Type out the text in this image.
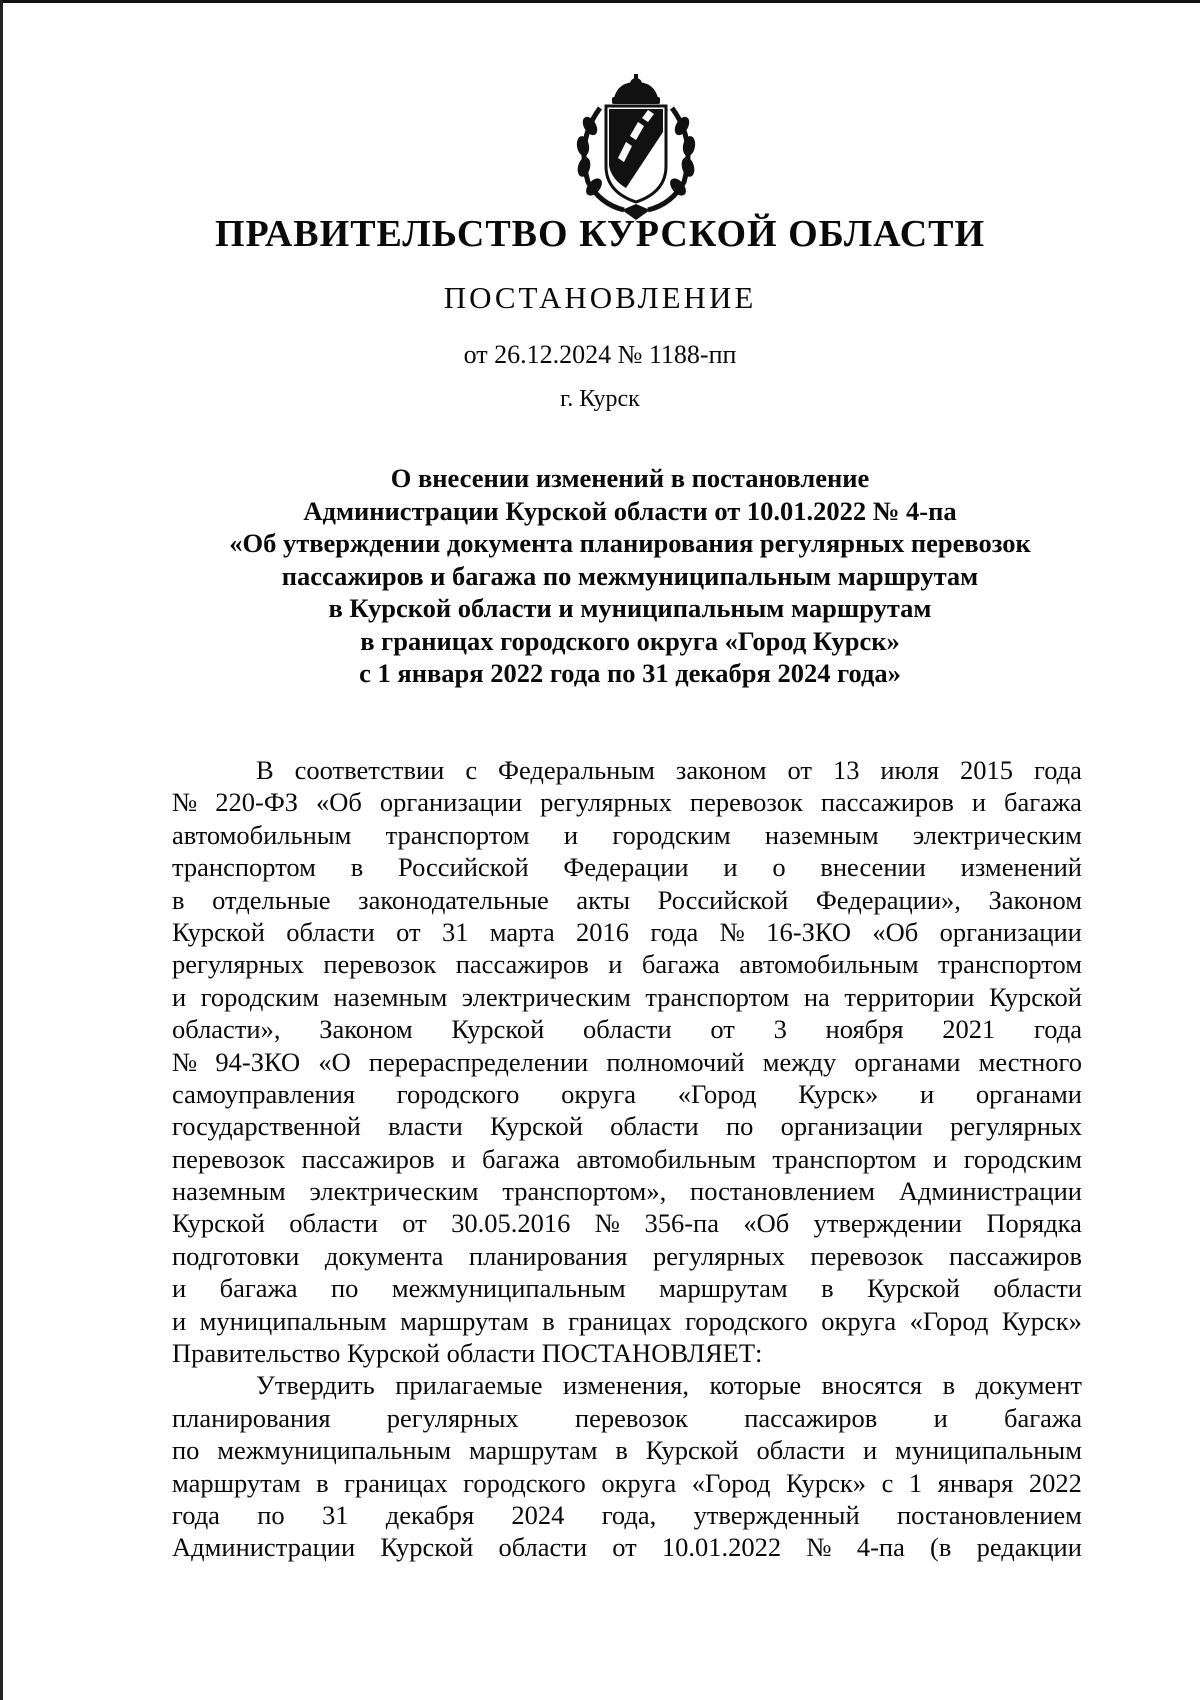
ПРАВИТЕЛЬСТВО КУРСКОЙ ОБЛАСТИ
ПОСТАНОВЛЕНИЕ
от 26.12.2024 № 1188-пп
г. Курск
О внесении изменений в постановление
Администрации Курской области от 10.01.2022 № 4-па
«Об утверждении документа планирования регулярных перевозок
пассажиров и багажа по межмуниципальным маршрутам
в Курской области и муниципальным маршрутам
в границах городского округа «Город Курск»
с 1 января 2022 года по 31 декабря 2024 года»
В соответствии с Федеральным законом от 13 июля 2015 года
№ 220-ФЗ «Об организации регулярных перевозок пассажиров и багажа
автомобильным транспортом и городским наземным электрическим
транспортом в Российской Федерации и о внесении изменений
в отдельные законодательные акты Российской Федерации», Законом
Курской области от 31 марта 2016 года № 16-ЗКО «Об организации
регулярных перевозок пассажиров и багажа автомобильным транспортом
и городским наземным электрическим транспортом на территории Курской
области», Законом Курской области от 3 ноября 2021 года
№ 94-ЗКО «О перераспределении полномочий между органами местного
самоуправления городского округа «Город Курск» и органами
государственной власти Курской области по организации регулярных
перевозок пассажиров и багажа автомобильным транспортом и городским
наземным электрическим транспортом», постановлением Администрации
Курской области от 30.05.2016 № 356-па «Об утверждении Порядка
подготовки документа планирования регулярных перевозок пассажиров
и багажа по межмуниципальным маршрутам в Курской области
и муниципальным маршрутам в границах городского округа «Город Курск»
Правительство Курской области ПОСТАНОВЛЯЕТ:
Утвердить прилагаемые изменения, которые вносятся в документ
планирования регулярных перевозок пассажиров и багажа
по межмуниципальным маршрутам в Курской области и муниципальным
маршрутам в границах городского округа «Город Курск» с 1 января 2022
года по 31 декабря 2024 года, утвержденный постановлением
Администрации Курской области от 10.01.2022 № 4-па (в редакции
